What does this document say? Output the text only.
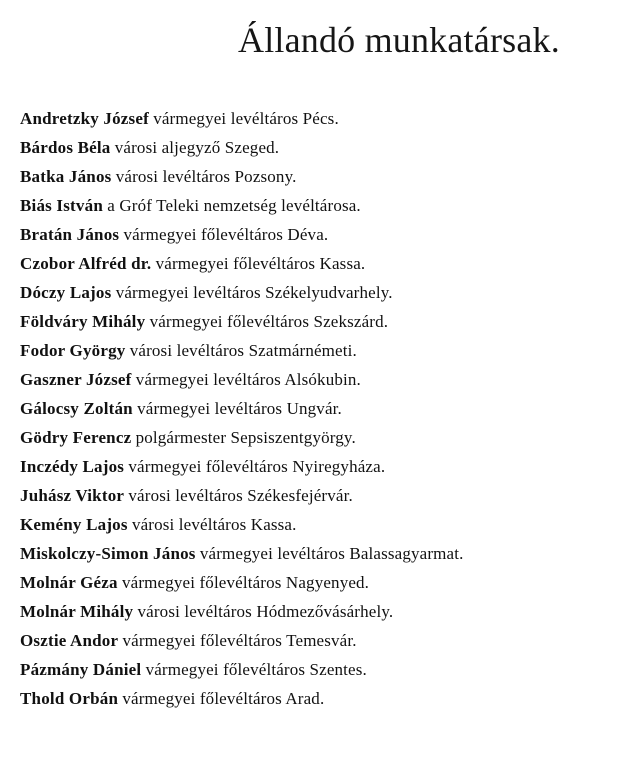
Állandó munkatársak.
Andretzky József vármegyei levéltáros Pécs.
Bárdos Béla városi aljegyző Szeged.
Batka János városi levéltáros Pozsony.
Biás István a Gróf Teleki nemzetség levéltárosa.
Bratán János vármegyei főlevéltáros Déva.
Czobor Alfréd dr. vármegyei főlevéltáros Kassa.
Dóczy Lajos vármegyei levéltáros Székelyudvarhely.
Földváry Mihály vármegyei főlevéltáros Szekszárd.
Fodor György városi levéltáros Szatmárnémeti.
Gaszner József vármegyei levéltáros Alsókubin.
Gálocsy Zoltán vármegyei levéltáros Ungvár.
Gödry Ferencz polgármester Sepsiszentgyörgy.
Inczédy Lajos vármegyei főlevéltáros Nyiregyháza.
Juhász Viktor városi levéltáros Székesfejérvár.
Kemény Lajos városi levéltáros Kassa.
Miskolczy-Simon János vármegyei levéltáros Balassagyarmat.
Molnár Géza vármegyei főlevéltáros Nagyenyed.
Molnár Mihály városi levéltáros Hódmezővásárhely.
Osztie Andor vármegyei főlevéltáros Temesvár.
Pázmány Dániel vármegyei főlevéltáros Szentes.
Thold Orbán vármegyei főlevéltáros Arad.
